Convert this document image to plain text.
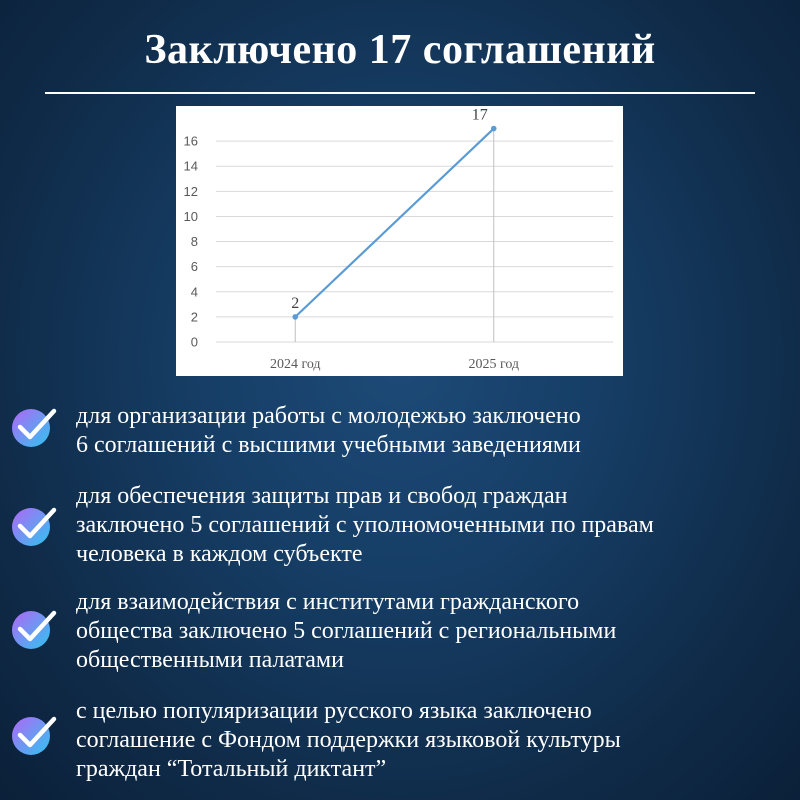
Заключено 17 соглашений
0
2
4
6
8
10
12
14
16
2024 год	2025 год
2
17
для организации работы с молодежью заключено
6 соглашений с высшими учебными заведениями
для обеспечения защиты прав и свобод граждан
заключено 5 соглашений с уполномоченными по правам
человека в каждом субъекте
для взаимодействия с институтами гражданского
общества заключено 5 соглашений с региональными
общественными палатами
с целью популяризации русского языка заключено
соглашение с Фондом поддержки языковой культуры
граждан “Тотальный диктант”
